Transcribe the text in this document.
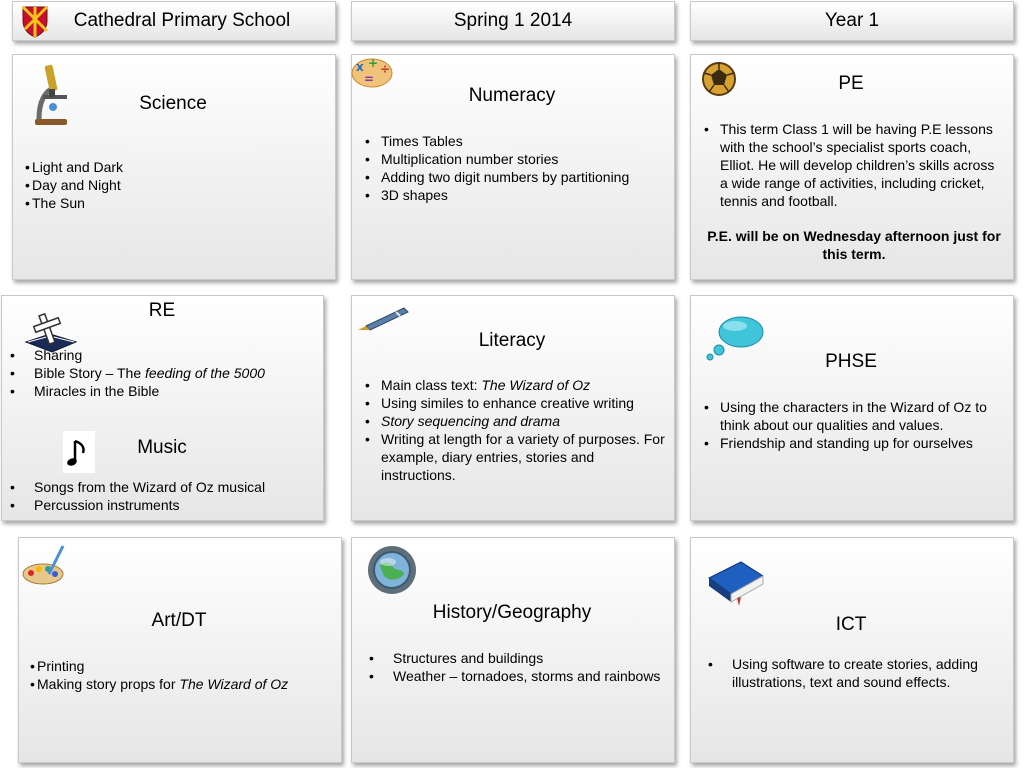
Cathedral Primary School	Spring 1 2014	Year 1
Science
• Light and Dark
• Day and Night
• The Sun
x + ÷
=
Numeracy
• Times Tables
• Multiplication number stories
• Adding two digit numbers by partitioning
• 3D shapes
PE
• This term Class 1 will be having P.E lessons with the school’s specialist sports coach, Elliot. He will develop children’s skills across a wide range of activities, including cricket, tennis and football.
P.E. will be on Wednesday afternoon just for this term.
RE
• Sharing
• Bible Story – The feeding of the 5000
• Miracles in the Bible
Music
• Songs from the Wizard of Oz musical
• Percussion instruments
Literacy
• Main class text: The Wizard of Oz
• Using similes to enhance creative writing
• Story sequencing and drama
• Writing at length for a variety of purposes. For example, diary entries, stories and instructions.
PHSE
• Using the characters in the Wizard of Oz to think about our qualities and values.
• Friendship and standing up for ourselves
Art/DT
• Printing
• Making story props for The Wizard of Oz
History/Geography
• Structures and buildings
• Weather – tornadoes, storms and rainbows
ICT
• Using software to create stories, adding illustrations, text and sound effects.
